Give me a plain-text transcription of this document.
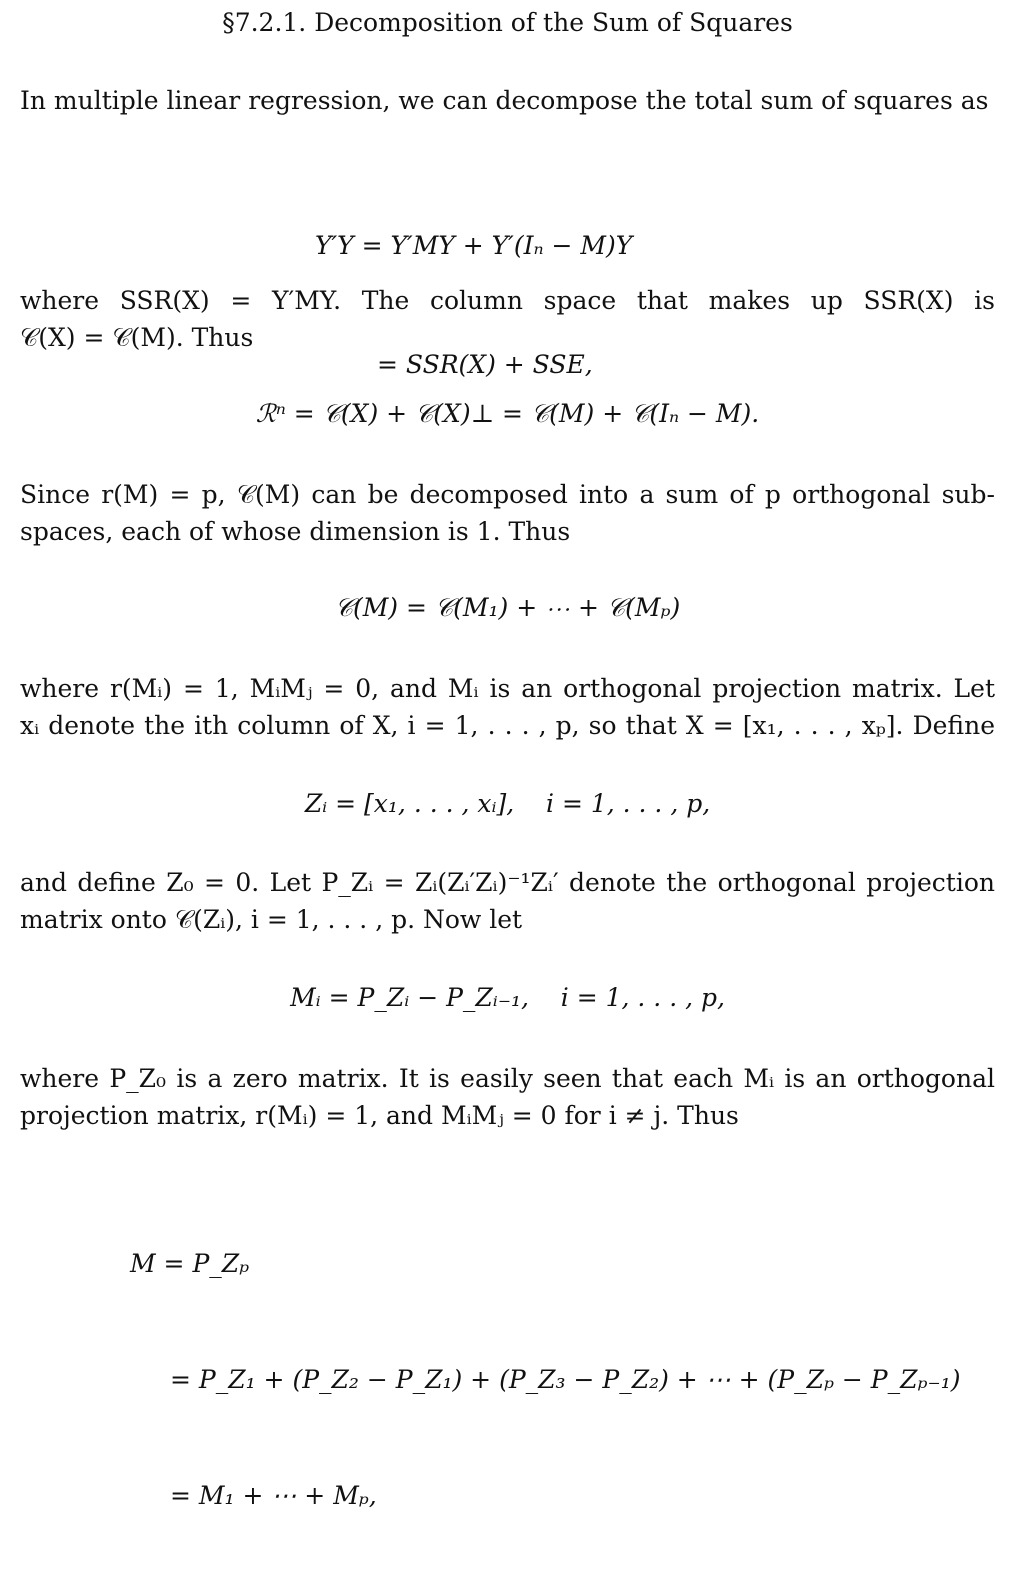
§7.2.1. Decomposition of the Sum of Squares

In multiple linear regression, we can decompose the total sum of squares as

Y′Y = Y′MY + Y′(Iₙ − M)Y

= SSR(X) + SSE,

where SSR(X) = Y′MY. The column space that makes up SSR(X) is
𝒞(X) = 𝒞(M). Thus

ℛⁿ = 𝒞(X) + 𝒞(X)⊥ = 𝒞(M) + 𝒞(Iₙ − M).

Since r(M) = p, 𝒞(M) can be decomposed into a sum of p orthogonal sub-
spaces, each of whose dimension is 1. Thus

𝒞(M) = 𝒞(M₁) + ⋯ + 𝒞(Mₚ)

where r(Mᵢ) = 1, MᵢMⱼ = 0, and Mᵢ is an orthogonal projection matrix. Let
xᵢ denote the ith column of X, i = 1, . . . , p, so that X = [x₁, . . . , xₚ]. Define

Zᵢ = [x₁, . . . , xᵢ],    i = 1, . . . , p,

and define Z₀ = 0. Let P_Zᵢ = Zᵢ(Zᵢ′Zᵢ)⁻¹Zᵢ′ denote the orthogonal projection
matrix onto 𝒞(Zᵢ), i = 1, . . . , p. Now let

Mᵢ = P_Zᵢ − P_Zᵢ₋₁,    i = 1, . . . , p,

where P_Z₀ is a zero matrix. It is easily seen that each Mᵢ is an orthogonal
projection matrix, r(Mᵢ) = 1, and MᵢMⱼ = 0 for i ≠ j. Thus

M = P_Zₚ

= P_Z₁ + (P_Z₂ − P_Z₁) + (P_Z₃ − P_Z₂) + ⋯ + (P_Zₚ − P_Zₚ₋₁)

= M₁ + ⋯ + Mₚ,
